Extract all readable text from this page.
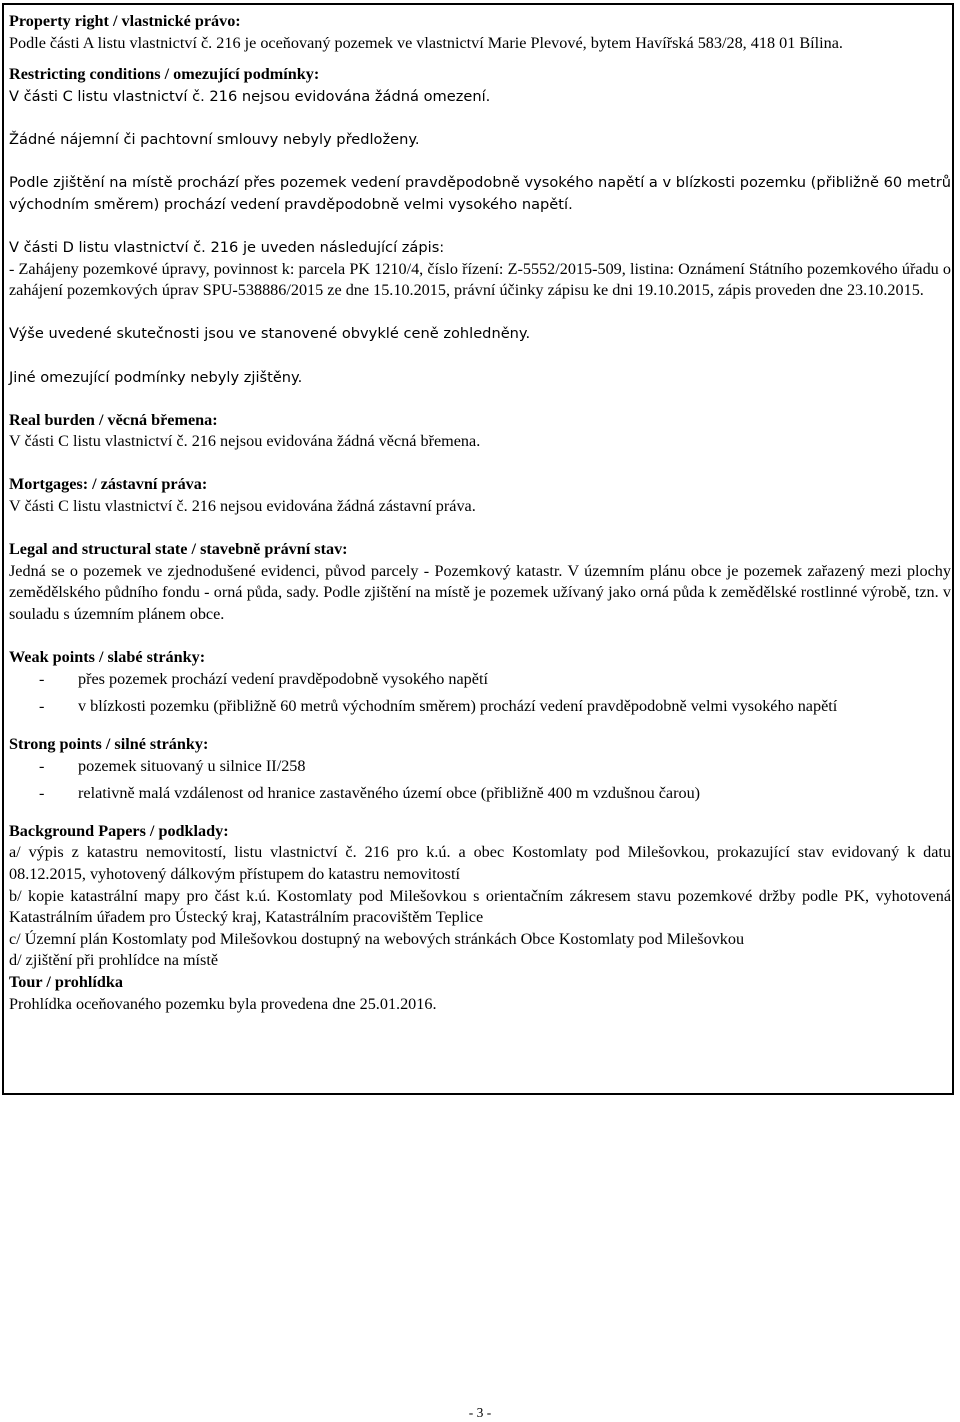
Property right / vlastnické právo:

Podle části A listu vlastnictví č. 216 je oceňovaný pozemek ve vlastnictví Marie Plevové, bytem Havířská 583/28, 418 01 Bílina.

Restricting conditions / omezující podmínky:

V části C listu vlastnictví č. 216 nejsou evidována žádná omezení.

Žádné nájemní či pachtovní smlouvy nebyly předloženy.

Podle zjištění na místě prochází přes pozemek vedení pravděpodobně vysokého napětí a v blízkosti pozemku (přibližně 60 metrů východním směrem) prochází vedení pravděpodobně velmi vysokého napětí.

V části D listu vlastnictví č. 216 je uveden následující zápis:

- Zahájeny pozemkové úpravy, povinnost k: parcela PK 1210/4, číslo řízení: Z-5552/2015-509, listina: Oznámení Státního pozemkového úřadu o zahájení pozemkových úprav SPU-538886/2015 ze dne 15.10.2015, právní účinky zápisu ke dni 19.10.2015, zápis proveden dne 23.10.2015.

Výše uvedené skutečnosti jsou ve stanovené obvyklé ceně zohledněny.

Jiné omezující podmínky nebyly zjištěny.

Real burden / věcná břemena:

V části C listu vlastnictví č. 216 nejsou evidována žádná věcná břemena.

Mortgages: / zástavní práva:

V části C listu vlastnictví č. 216 nejsou evidována žádná zástavní práva.

Legal and structural state / stavebně právní stav:

Jedná se o pozemek ve zjednodušené evidenci, původ parcely - Pozemkový katastr. V územním plánu obce je pozemek zařazený mezi plochy zemědělského půdního fondu - orná půda, sady. Podle zjištění na místě je pozemek užívaný jako orná půda k zemědělské rostlinné výrobě, tzn. v souladu s územním plánem obce.

Weak points / slabé stránky:

- přes pozemek prochází vedení pravděpodobně vysokého napětí
- v blízkosti pozemku (přibližně 60 metrů východním směrem) prochází vedení pravděpodobně velmi vysokého napětí

Strong points / silné stránky:

- pozemek situovaný u silnice II/258
- relativně malá vzdálenost od hranice zastavěného území obce (přibližně 400 m vzdušnou čarou)

Background Papers / podklady:

a/ výpis z katastru nemovitostí, listu vlastnictví č. 216 pro k.ú. a obec Kostomlaty pod Milešovkou, prokazující stav evidovaný k datu 08.12.2015, vyhotovený dálkovým přístupem do katastru nemovitostí

b/ kopie katastrální mapy pro část k.ú. Kostomlaty pod Milešovkou s orientačním zákresem stavu pozemkové držby podle PK, vyhotovená Katastrálním úřadem pro Ústecký kraj, Katastrálním pracovištěm Teplice

c/ Územní plán Kostomlaty pod Milešovkou dostupný na webových stránkách Obce Kostomlaty pod Milešovkou

d/ zjištění při prohlídce na místě

Tour / prohlídka

Prohlídka oceňovaného pozemku byla provedena dne 25.01.2016.

- 3 -
